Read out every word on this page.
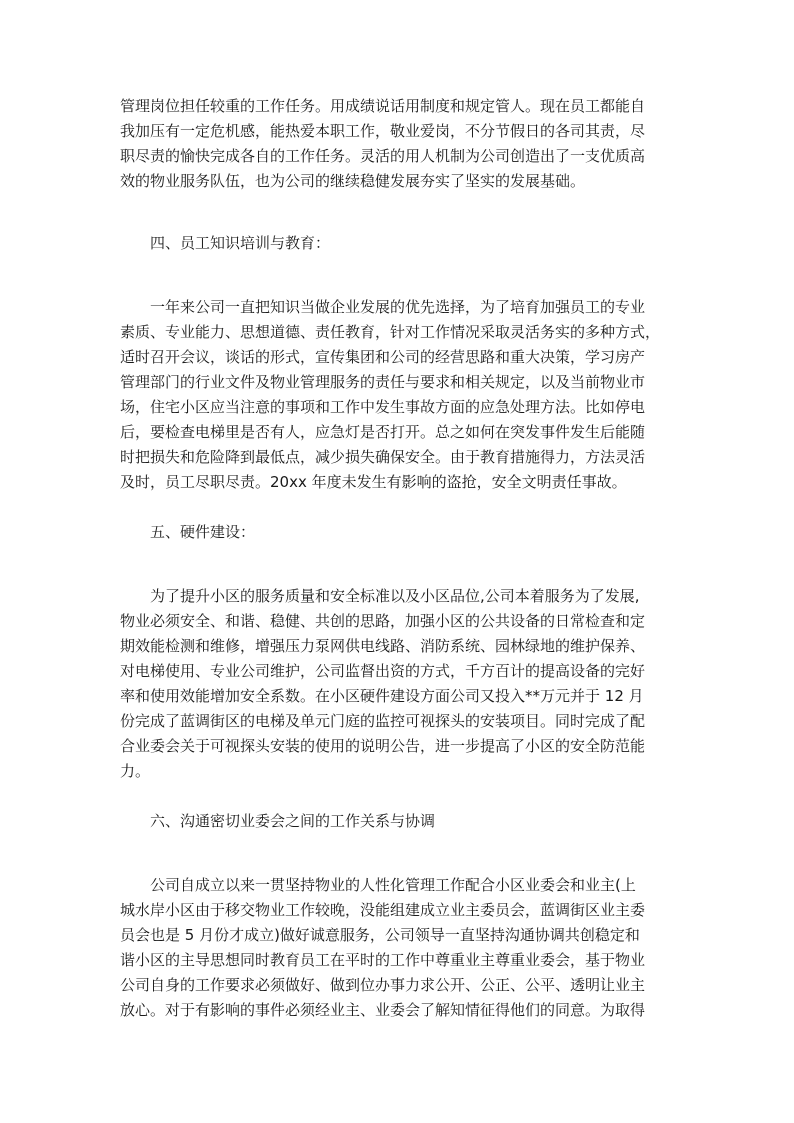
管理岗位担任较重的工作任务。用成绩说话用制度和规定管人。现在员工都能自
我加压有一定危机感，能热爱本职工作，敬业爱岗，不分节假日的各司其责，尽
职尽责的愉快完成各自的工作任务。灵活的用人机制为公司创造出了一支优质高
效的物业服务队伍，也为公司的继续稳健发展夯实了坚实的发展基础。
四、员工知识培训与教育：
一年来公司一直把知识当做企业发展的优先选择，为了培育加强员工的专业
素质、专业能力、思想道德、责任教育，针对工作情况采取灵活务实的多种方式，
适时召开会议，谈话的形式，宣传集团和公司的经营思路和重大决策，学习房产
管理部门的行业文件及物业管理服务的责任与要求和相关规定，以及当前物业市
场，住宅小区应当注意的事项和工作中发生事故方面的应急处理方法。比如停电
后，要检查电梯里是否有人，应急灯是否打开。总之如何在突发事件发生后能随
时把损失和危险降到最低点，减少损失确保安全。由于教育措施得力，方法灵活
及时，员工尽职尽责。20xx 年度未发生有影响的盗抢，安全文明责任事故。
五、硬件建设：
为了提升小区的服务质量和安全标准以及小区品位,公司本着服务为了发展,
物业必须安全、和谐、稳健、共创的思路，加强小区的公共设备的日常检查和定
期效能检测和维修，增强压力泵网供电线路、消防系统、园林绿地的维护保养、
对电梯使用、专业公司维护，公司监督出资的方式，千方百计的提高设备的完好
率和使用效能增加安全系数。在小区硬件建设方面公司又投入**万元并于 12 月
份完成了蓝调街区的电梯及单元门庭的监控可视探头的安装项目。同时完成了配
合业委会关于可视探头安装的使用的说明公告，进一步提高了小区的安全防范能
力。
六、沟通密切业委会之间的工作关系与协调
公司自成立以来一贯坚持物业的人性化管理工作配合小区业委会和业主(上
城水岸小区由于移交物业工作较晚，没能组建成立业主委员会，蓝调街区业主委
员会也是 5 月份才成立)做好诚意服务，公司领导一直坚持沟通协调共创稳定和
谐小区的主导思想同时教育员工在平时的工作中尊重业主尊重业委会，基于物业
公司自身的工作要求必须做好、做到位办事力求公开、公正、公平、透明让业主
放心。对于有影响的事件必须经业主、业委会了解知情征得他们的同意。为取得
